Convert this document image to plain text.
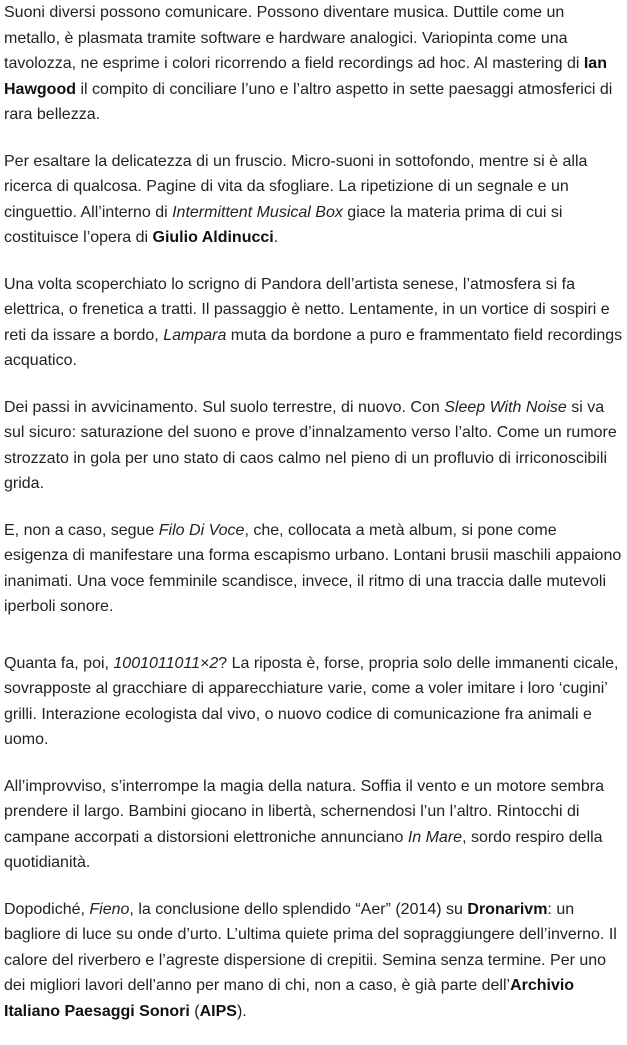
Suoni diversi possono comunicare. Possono diventare musica. Duttile come un metallo, è plasmata tramite software e hardware analogici. Variopinta come una tavolozza, ne esprime i colori ricorrendo a field recordings ad hoc. Al mastering di Ian Hawgood il compito di conciliare l’uno e l’altro aspetto in sette paesaggi atmosferici di rara bellezza.

Per esaltare la delicatezza di un fruscio. Micro-suoni in sottofondo, mentre si è alla ricerca di qualcosa. Pagine di vita da sfogliare. La ripetizione di un segnale e un cinguettio. All’interno di Intermittent Musical Box giace la materia prima di cui si costituisce l’opera di Giulio Aldinucci.

Una volta scoperchiato lo scrigno di Pandora dell’artista senese, l’atmosfera si fa elettrica, o frenetica a tratti. Il passaggio è netto. Lentamente, in un vortice di sospiri e reti da issare a bordo, Lampara muta da bordone a puro e frammentato field recordings acquatico.

Dei passi in avvicinamento. Sul suolo terrestre, di nuovo. Con Sleep With Noise si va sul sicuro: saturazione del suono e prove d’innalzamento verso l’alto. Come un rumore strozzato in gola per uno stato di caos calmo nel pieno di un profluvio di irriconoscibili grida.

E, non a caso, segue Filo Di Voce, che, collocata a metà album, si pone come esigenza di manifestare una forma escapismo urbano. Lontani brusii maschili appaiono inanimati. Una voce femminile scandisce, invece, il ritmo di una traccia dalle mutevoli iperboli sonore.

Quanta fa, poi, 1001011011×2? La riposta è, forse, propria solo delle immanenti cicale, sovrapposte al gracchiare di apparecchiature varie, come a voler imitare i loro ‘cugini’ grilli. Interazione ecologista dal vivo, o nuovo codice di comunicazione fra animali e uomo.

All’improvviso, s’interrompe la magia della natura. Soffia il vento e un motore sembra prendere il largo. Bambini giocano in libertà, schernendosi l’un l’altro. Rintocchi di campane accorpati a distorsioni elettroniche annunciano In Mare, sordo respiro della quotidianità.

Dopodiché, Fieno, la conclusione dello splendido “Aer” (2014) su Dronarivm: un bagliore di luce su onde d’urto. L’ultima quiete prima del sopraggiungere dell’inverno. Il calore del riverbero e l’agreste dispersione di crepitii. Semina senza termine. Per uno dei migliori lavori dell’anno per mano di chi, non a caso, è già parte dell’Archivio Italiano Paesaggi Sonori (AIPS).
